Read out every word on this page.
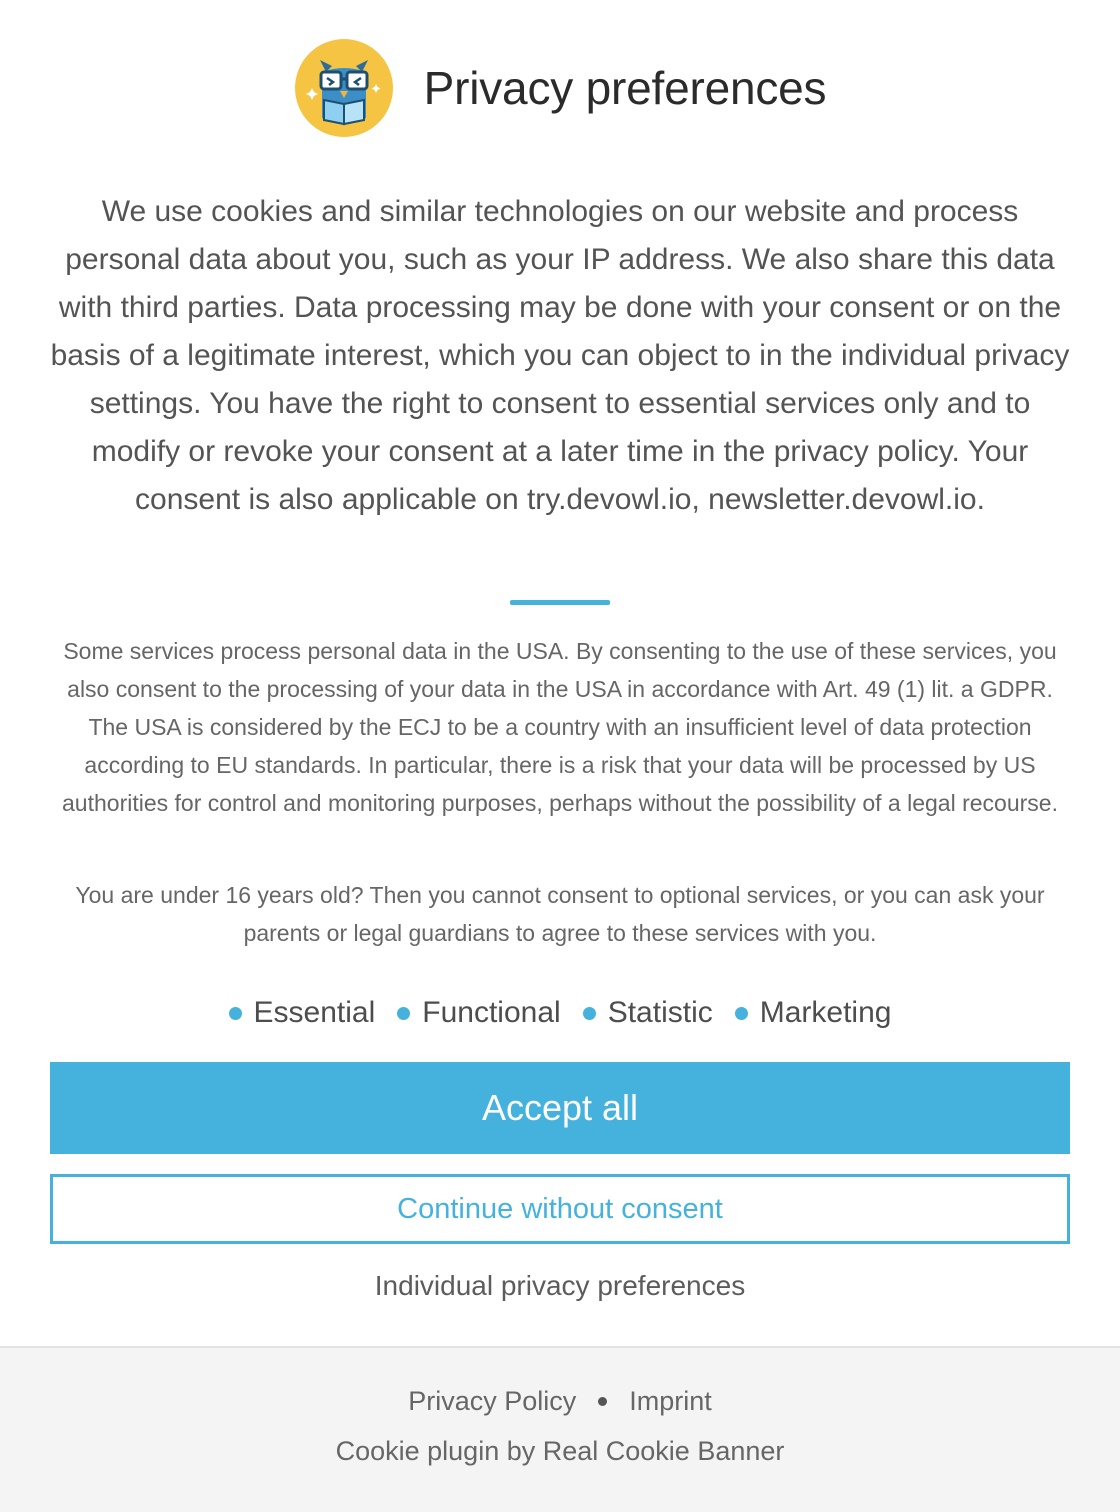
Privacy preferences

We use cookies and similar technologies on our website and process personal data about you, such as your IP address. We also share this data with third parties. Data processing may be done with your consent or on the basis of a legitimate interest, which you can object to in the individual privacy settings. You have the right to consent to essential services only and to modify or revoke your consent at a later time in the privacy policy. Your consent is also applicable on try.devowl.io, newsletter.devowl.io.

Some services process personal data in the USA. By consenting to the use of these services, you also consent to the processing of your data in the USA in accordance with Art. 49 (1) lit. a GDPR. The USA is considered by the ECJ to be a country with an insufficient level of data protection according to EU standards. In particular, there is a risk that your data will be processed by US authorities for control and monitoring purposes, perhaps without the possibility of a legal recourse.

You are under 16 years old? Then you cannot consent to optional services, or you can ask your parents or legal guardians to agree to these services with you.

Essential Functional Statistic Marketing
Accept all
Continue without consent
Individual privacy preferences
Privacy Policy Imprint
Cookie plugin by Real Cookie Banner
